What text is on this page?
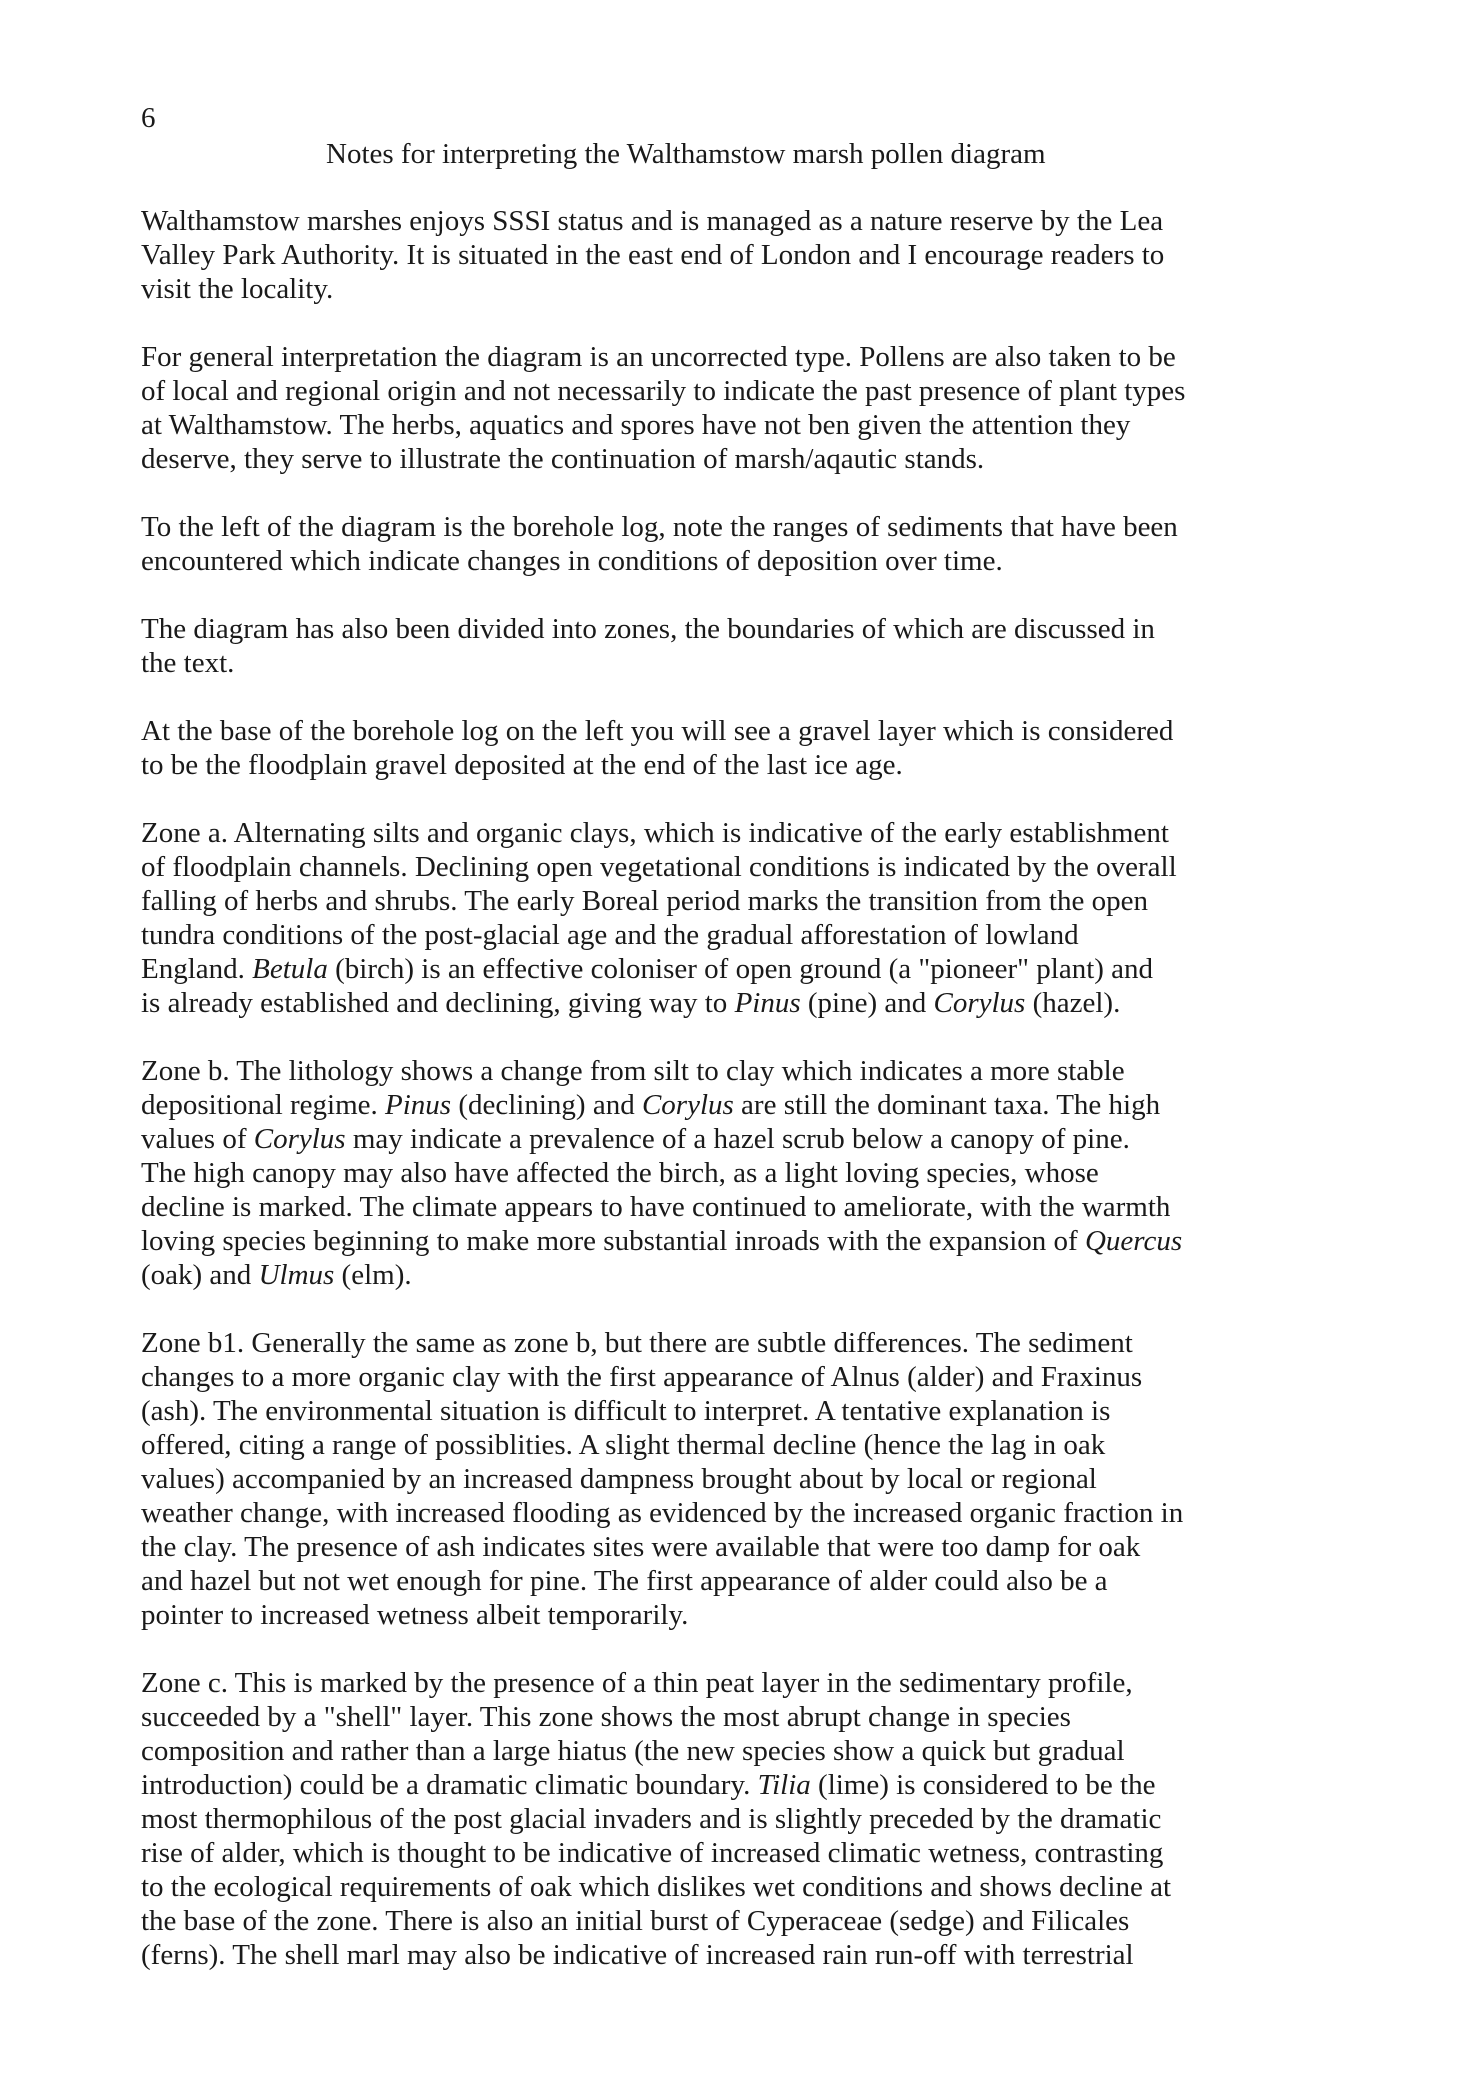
6
Notes for interpreting the Walthamstow marsh pollen diagram
Walthamstow marshes enjoys SSSI status and is managed as a nature reserve by the Lea
Valley Park Authority. It is situated in the east end of London and I encourage readers to
visit the locality.
For general interpretation the diagram is an uncorrected type. Pollens are also taken to be
of local and regional origin and not necessarily to indicate the past presence of plant types
at Walthamstow. The herbs, aquatics and spores have not ben given the attention they
deserve, they serve to illustrate the continuation of marsh/aqautic stands.
To the left of the diagram is the borehole log, note the ranges of sediments that have been
encountered which indicate changes in conditions of deposition over time.
The diagram has also been divided into zones, the boundaries of which are discussed in
the text.
At the base of the borehole log on the left you will see a gravel layer which is considered
to be the floodplain gravel deposited at the end of the last ice age.
Zone a. Alternating silts and organic clays, which is indicative of the early establishment
of floodplain channels. Declining open vegetational conditions is indicated by the overall
falling of herbs and shrubs. The early Boreal period marks the transition from the open
tundra conditions of the post-glacial age and the gradual afforestation of lowland
England. Betula (birch) is an effective coloniser of open ground (a "pioneer" plant) and
is already established and declining, giving way to Pinus (pine) and Corylus (hazel).
Zone b. The lithology shows a change from silt to clay which indicates a more stable
depositional regime. Pinus (declining) and Corylus are still the dominant taxa. The high
values of Corylus may indicate a prevalence of a hazel scrub below a canopy of pine.
The high canopy may also have affected the birch, as a light loving species, whose
decline is marked. The climate appears to have continued to ameliorate, with the warmth
loving species beginning to make more substantial inroads with the expansion of Quercus
(oak) and Ulmus (elm).
Zone b1. Generally the same as zone b, but there are subtle differences. The sediment
changes to a more organic clay with the first appearance of Alnus (alder) and Fraxinus
(ash). The environmental situation is difficult to interpret. A tentative explanation is
offered, citing a range of possiblities. A slight thermal decline (hence the lag in oak
values) accompanied by an increased dampness brought about by local or regional
weather change, with increased flooding as evidenced by the increased organic fraction in
the clay. The presence of ash indicates sites were available that were too damp for oak
and hazel but not wet enough for pine. The first appearance of alder could also be a
pointer to increased wetness albeit temporarily.
Zone c. This is marked by the presence of a thin peat layer in the sedimentary profile,
succeeded by a "shell" layer. This zone shows the most abrupt change in species
composition and rather than a large hiatus (the new species show a quick but gradual
introduction) could be a dramatic climatic boundary. Tilia (lime) is considered to be the
most thermophilous of the post glacial invaders and is slightly preceded by the dramatic
rise of alder, which is thought to be indicative of increased climatic wetness, contrasting
to the ecological requirements of oak which dislikes wet conditions and shows decline at
the base of the zone. There is also an initial burst of Cyperaceae (sedge) and Filicales
(ferns). The shell marl may also be indicative of increased rain run-off with terrestrial
